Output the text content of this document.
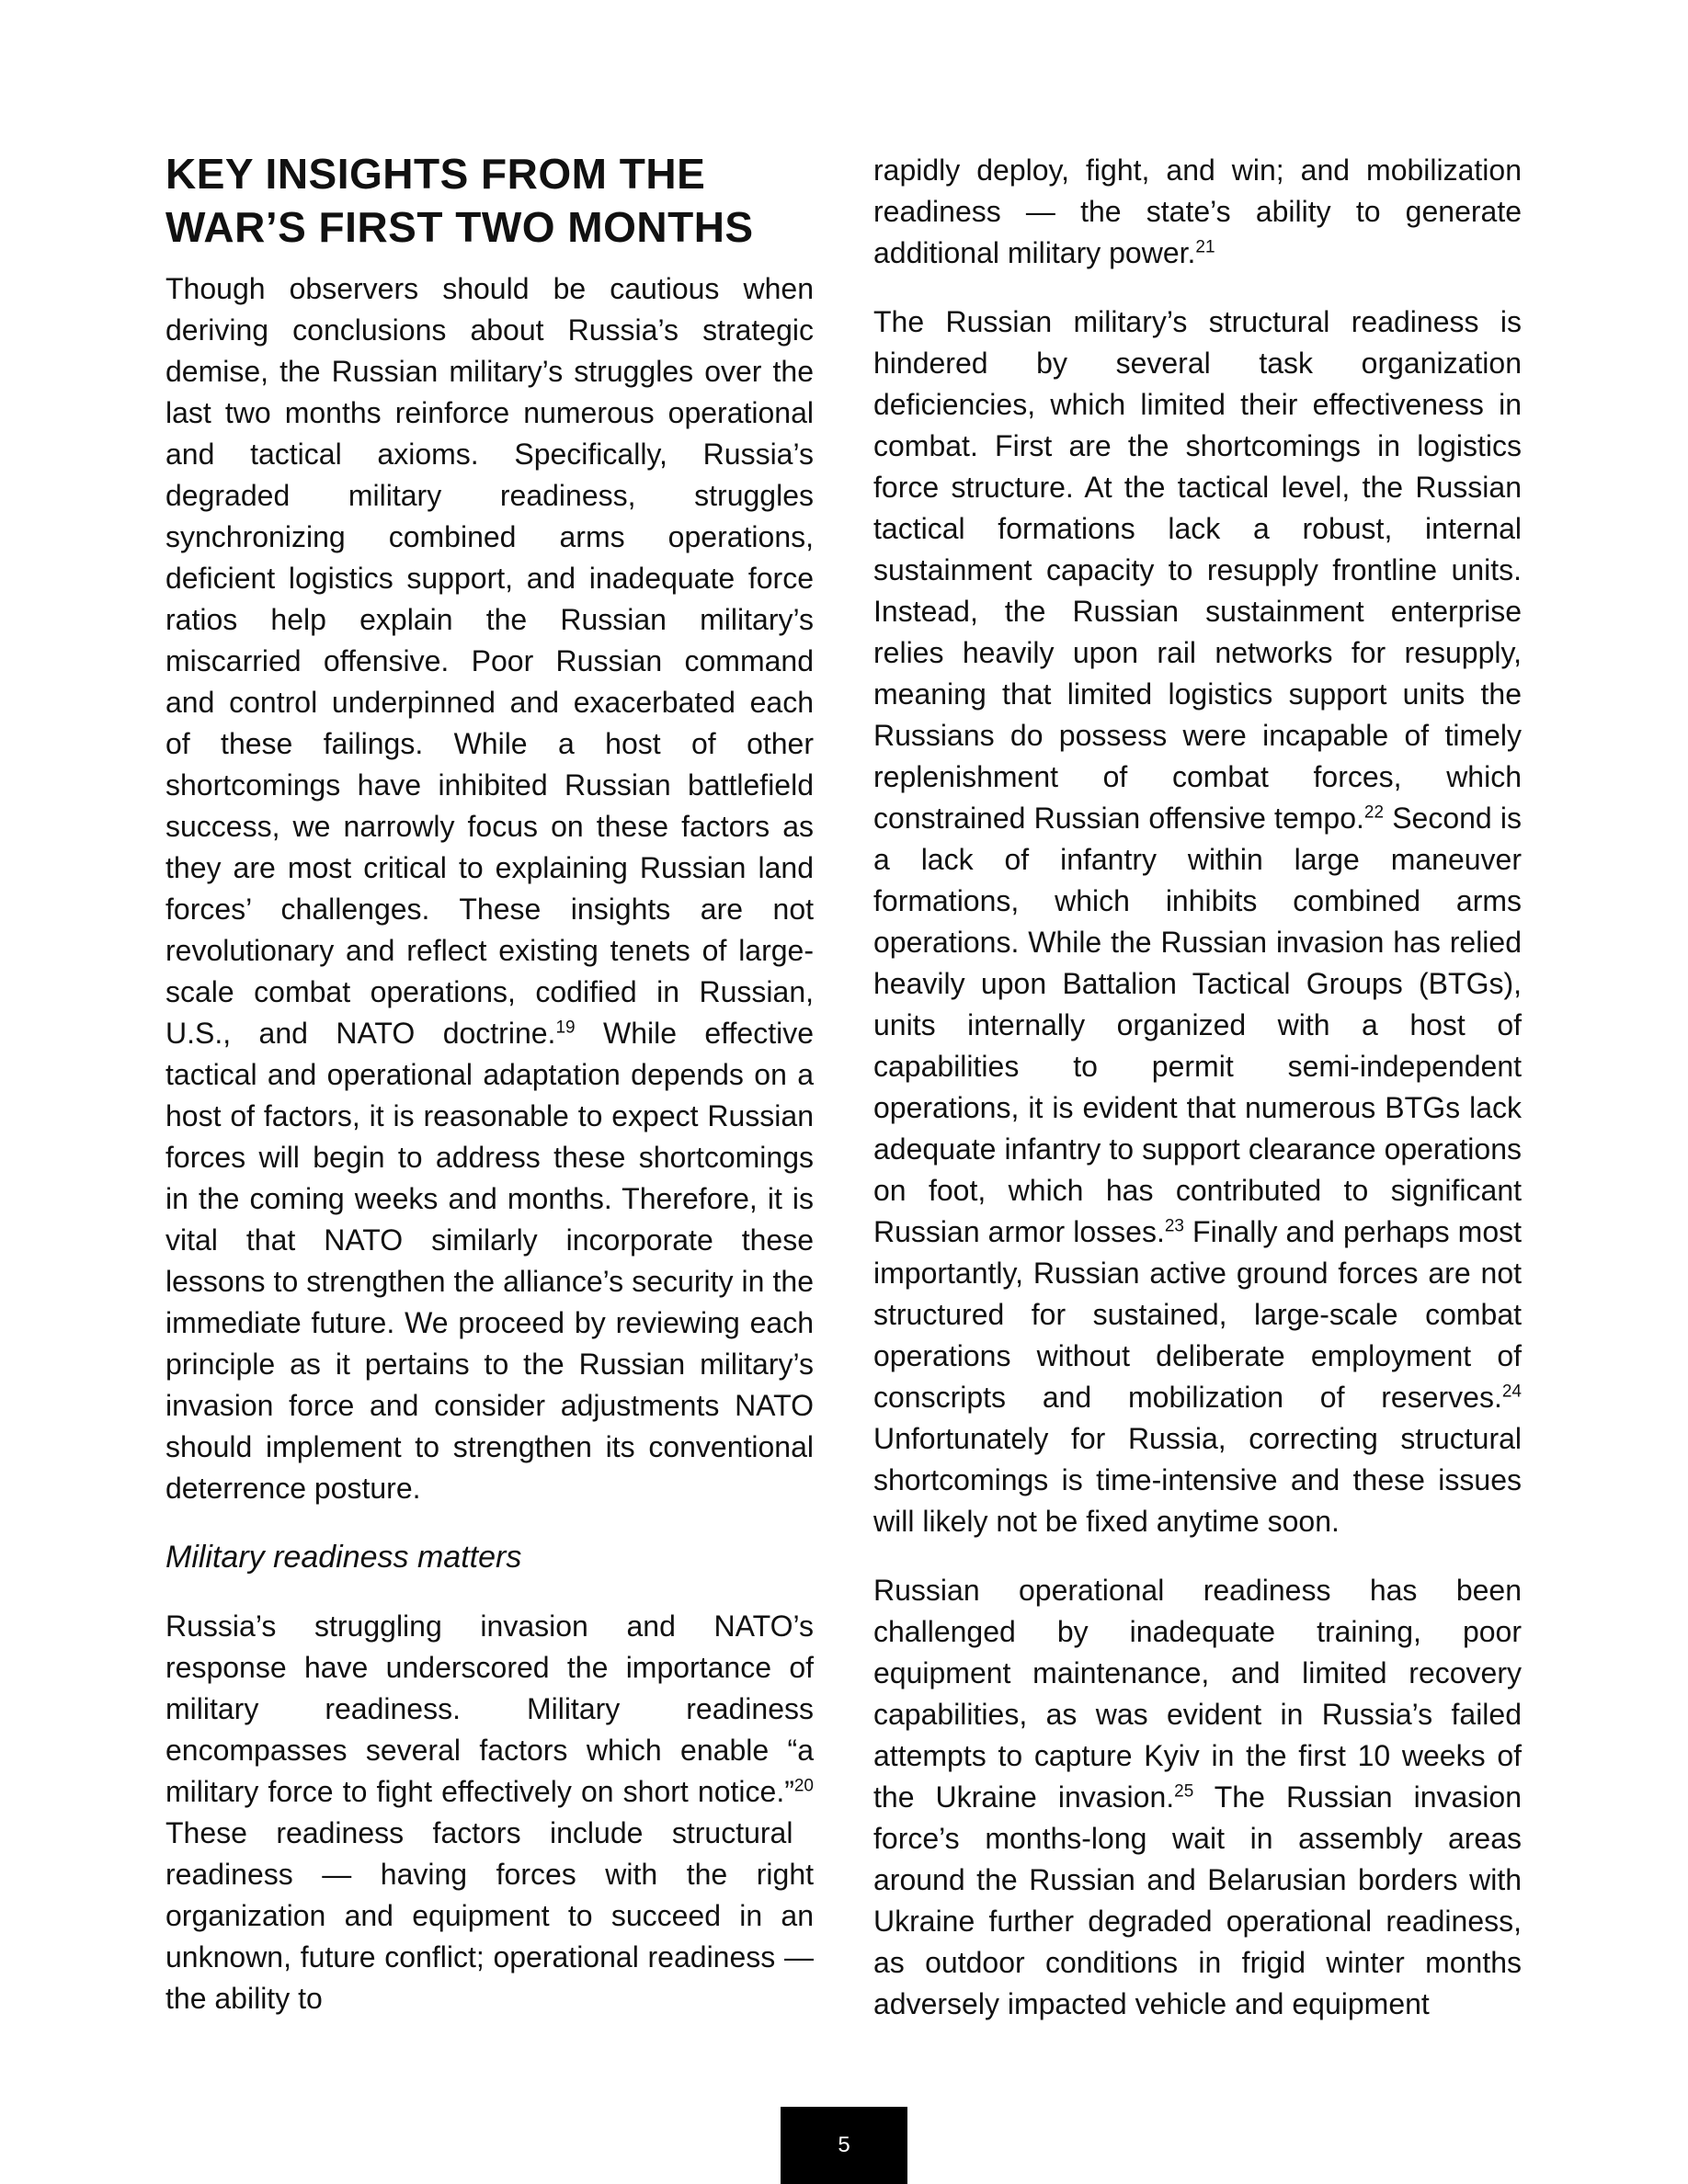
KEY INSIGHTS FROM THE WAR’S FIRST TWO MONTHS

Though observers should be cautious when deriving conclusions about Russia’s strategic demise, the Russian military’s struggles over the last two months reinforce numerous operational and tactical axioms. Specifically, Russia’s degraded military readiness, struggles synchronizing combined arms operations, deficient logistics support, and inadequate force ratios help explain the Russian military’s miscarried offensive. Poor Russian command and control underpinned and exacerbated each of these failings. While a host of other shortcomings have inhibited Russian battlefield success, we narrowly focus on these factors as they are most critical to explaining Russian land forces’ challenges. These insights are not revolutionary and reflect existing tenets of large-scale combat operations, codified in Russian, U.S., and NATO doctrine.$^{19}$ While effective tactical and operational adaptation depends on a host of factors, it is reasonable to expect Russian forces will begin to address these shortcomings in the coming weeks and months. Therefore, it is vital that NATO similarly incorporate these lessons to strengthen the alliance’s security in the immediate future. We proceed by reviewing each principle as it pertains to the Russian military’s invasion force and consider adjustments NATO should implement to strengthen its conventional deterrence posture.

Military readiness matters

Russia’s struggling invasion and NATO’s response have underscored the importance of military readiness. Military readiness encompasses several factors which enable “a military force to fight effectively on short notice.”$^{20}$ These readiness factors include structural readiness — having forces with the right organization and equipment to succeed in an unknown, future conflict; operational readiness — the ability to

rapidly deploy, fight, and win; and mobilization readiness — the state’s ability to generate additional military power.$^{21}$

The Russian military’s structural readiness is hindered by several task organization deficiencies, which limited their effectiveness in combat. First are the shortcomings in logistics force structure. At the tactical level, the Russian tactical formations lack a robust, internal sustainment capacity to resupply frontline units. Instead, the Russian sustainment enterprise relies heavily upon rail networks for resupply, meaning that limited logistics support units the Russians do possess were incapable of timely replenishment of combat forces, which constrained Russian offensive tempo.$^{22}$ Second is a lack of infantry within large maneuver formations, which inhibits combined arms operations. While the Russian invasion has relied heavily upon Battalion Tactical Groups (BTGs), units internally organized with a host of capabilities to permit semi-independent operations, it is evident that numerous BTGs lack adequate infantry to support clearance operations on foot, which has contributed to significant Russian armor losses.$^{23}$ Finally and perhaps most importantly, Russian active ground forces are not structured for sustained, large-scale combat operations without deliberate employment of conscripts and mobilization of reserves.$^{24}$ Unfortunately for Russia, correcting structural shortcomings is time-intensive and these issues will likely not be fixed anytime soon.

Russian operational readiness has been challenged by inadequate training, poor equipment maintenance, and limited recovery capabilities, as was evident in Russia’s failed attempts to capture Kyiv in the first 10 weeks of the Ukraine invasion.$^{25}$ The Russian invasion force’s months-long wait in assembly areas around the Russian and Belarusian borders with Ukraine further degraded operational readiness, as outdoor conditions in frigid winter months adversely impacted vehicle and equipment

5
